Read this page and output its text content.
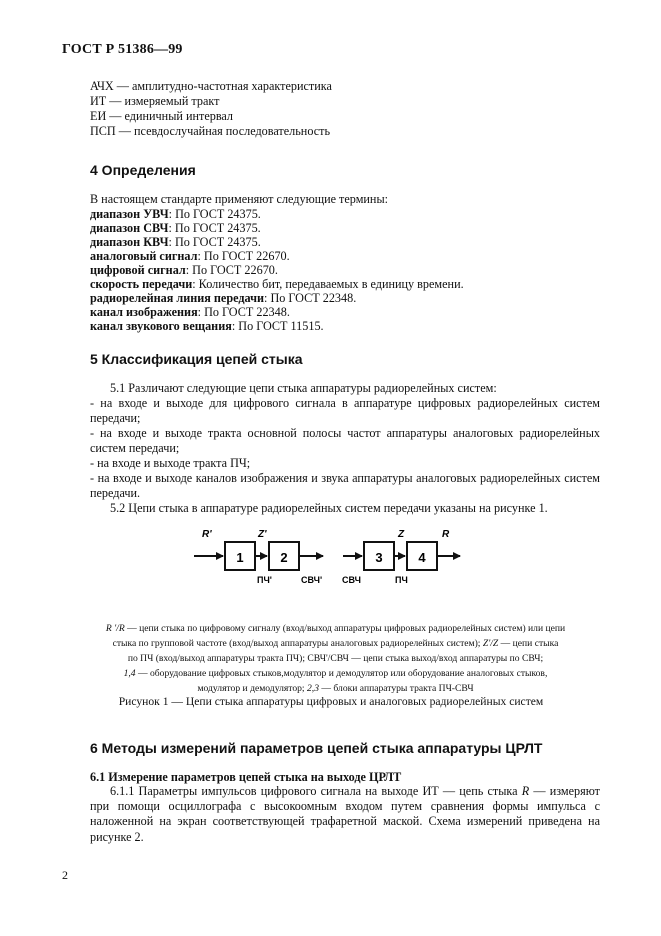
ГОСТ Р 51386—99
АЧХ — амплитудно-частотная характеристика
ИТ — измеряемый тракт
ЕИ — единичный интервал
ПСП — псевдослучайная последовательность
4 Определения
В настоящем стандарте применяют следующие термины:
диапазон УВЧ: По ГОСТ 24375.
диапазон СВЧ: По ГОСТ 24375.
диапазон КВЧ: По ГОСТ 24375.
аналоговый сигнал: По ГОСТ 22670.
цифровой сигнал: По ГОСТ 22670.
скорость передачи: Количество бит, передаваемых в единицу времени.
радиорелейная линия передачи: По ГОСТ 22348.
канал изображения: По ГОСТ 22348.
канал звукового вещания: По ГОСТ 11515.
5 Классификация цепей стыка
5.1 Различают следующие цепи стыка аппаратуры радиорелейных систем:
- на входе и выходе для цифрового сигнала в аппаратуре цифровых радиорелейных систем передачи;
- на входе и выходе тракта основной полосы частот аппаратуры аналоговых радиорелейных систем передачи;
- на входе и выходе тракта ПЧ;
- на входе и выходе каналов изображения и звука аппаратуры аналоговых радиорелейных систем передачи.
5.2 Цепи стыка в аппаратуре радиорелейных систем передачи указаны на рисунке 1.
1	2	3	4
R'	Z'	Z	R
ПЧ'	СВЧ' СВЧ	ПЧ
R '/R — цепи стыка по цифровому сигналу (вход/выход аппаратуры цифровых радиорелейных систем) или цепи
стыка по групповой частоте (вход/выход аппаратуры аналоговых радиорелейных систем); Z'/Z — цепи стыка
по ПЧ (вход/выход аппаратуры тракта ПЧ); СВЧ'/СВЧ — цепи стыка выход/вход аппаратуры по СВЧ;
1,4 — оборудование цифровых стыков,модулятор и демодулятор или оборудование аналоговых стыков,
модулятор и демодулятор; 2,3 — блоки аппаратуры тракта ПЧ-СВЧ
Рисунок 1 — Цепи стыка аппаратуры цифровых и аналоговых радиорелейных систем
6 Методы измерений параметров цепей стыка аппаратуры ЦРЛТ
6.1 Измерение параметров цепей стыка на выходе ЦРЛТ
6.1.1 Параметры импульсов цифрового сигнала на выходе ИТ — цепь стыка R — измеряют при помощи осциллографа с высокоомным входом путем сравнения формы импульса с наложенной на экран соответствующей трафаретной маской. Схема измерений приведена на рисунке 2.
2
